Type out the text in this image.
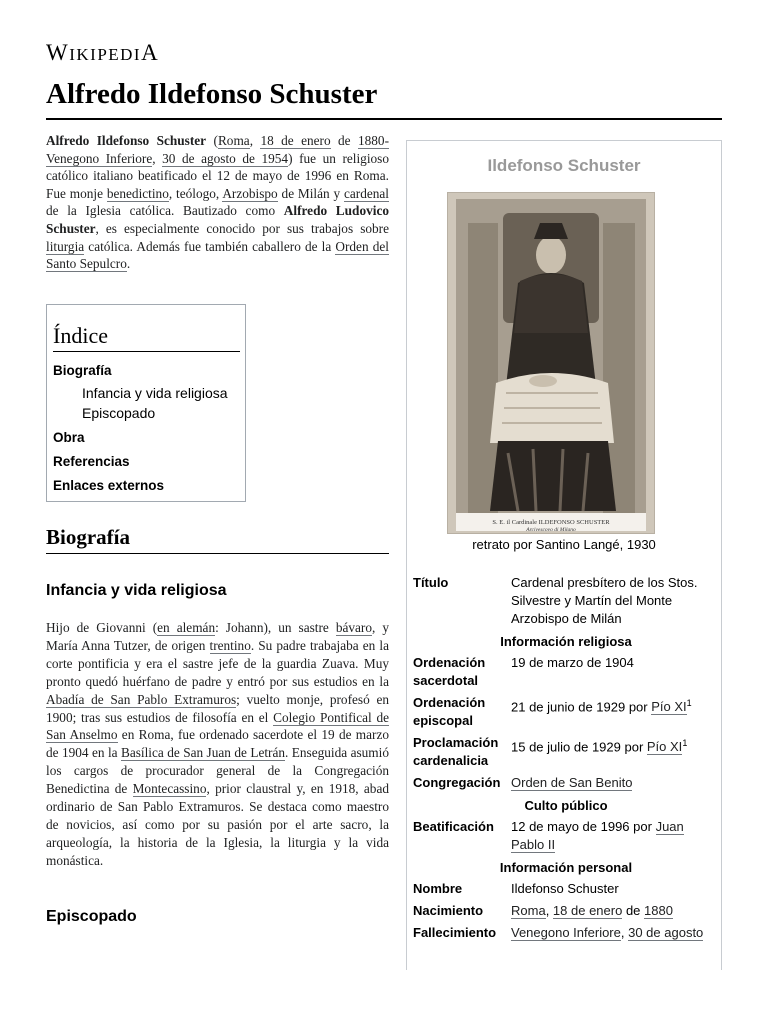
WIKIPEDIA
Alfredo Ildefonso Schuster

Alfredo Ildefonso Schuster (Roma, 18 de enero de 1880-Venegono Inferiore, 30 de agosto de 1954) fue un religioso católico italiano beatificado el 12 de mayo de 1996 en Roma. Fue monje benedictino, teólogo, Arzobispo de Milán y cardenal de la Iglesia católica. Bautizado como Alfredo Ludovico Schuster, es especialmente conocido por sus trabajos sobre liturgia católica. Además fue también caballero de la Orden del Santo Sepulcro.

Índice
Biografía
Infancia y vida religiosa
Episcopado
Obra
Referencias
Enlaces externos
Biografía
Infancia y vida religiosa

Hijo de Giovanni (en alemán: Johann), un sastre bávaro, y María Anna Tutzer, de origen trentino. Su padre trabajaba en la corte pontificia y era el sastre jefe de la guardia Zuava. Muy pronto quedó huérfano de padre y entró por sus estudios en la Abadía de San Pablo Extramuros; vuelto monje, profesó en 1900; tras sus estudios de filosofía en el Colegio Pontifical de San Anselmo en Roma, fue ordenado sacerdote el 19 de marzo de 1904 en la Basílica de San Juan de Letrán. Enseguida asumió los cargos de procurador general de la Congregación Benedictina de Montecassino, prior claustral y, en 1918, abad ordinario de San Pablo Extramuros. Se destaca como maestro de novicios, así como por su pasión por el arte sacro, la arqueología, la historia de la Iglesia, la liturgia y la vida monástica.

Episcopado
Ildefonso Schuster
S. E. il Cardinale ILDEFONSO SCHUSTER
Arcivescovo di Milano
retrato por Santino Langé, 1930
Título	Cardenal presbítero de los Stos. Silvestre y Martín del Monte Arzobispo de Milán
Información religiosa	
Ordenación sacerdotal	19 de marzo de 1904
Ordenación episcopal	21 de junio de 1929 por Pío $XI^1$
Proclamación cardenalicia	15 de julio de 1929 por Pío $XI^1$
Congregación	Orden de San Benito
Culto público	
Beatificación	12 de mayo de 1996 por Juan Pablo II
Información personal	
Nombre	Ildefonso Schuster
Nacimiento	Roma, 18 de enero de 1880
Fallecimiento	Venegono Inferiore, 30 de agosto
